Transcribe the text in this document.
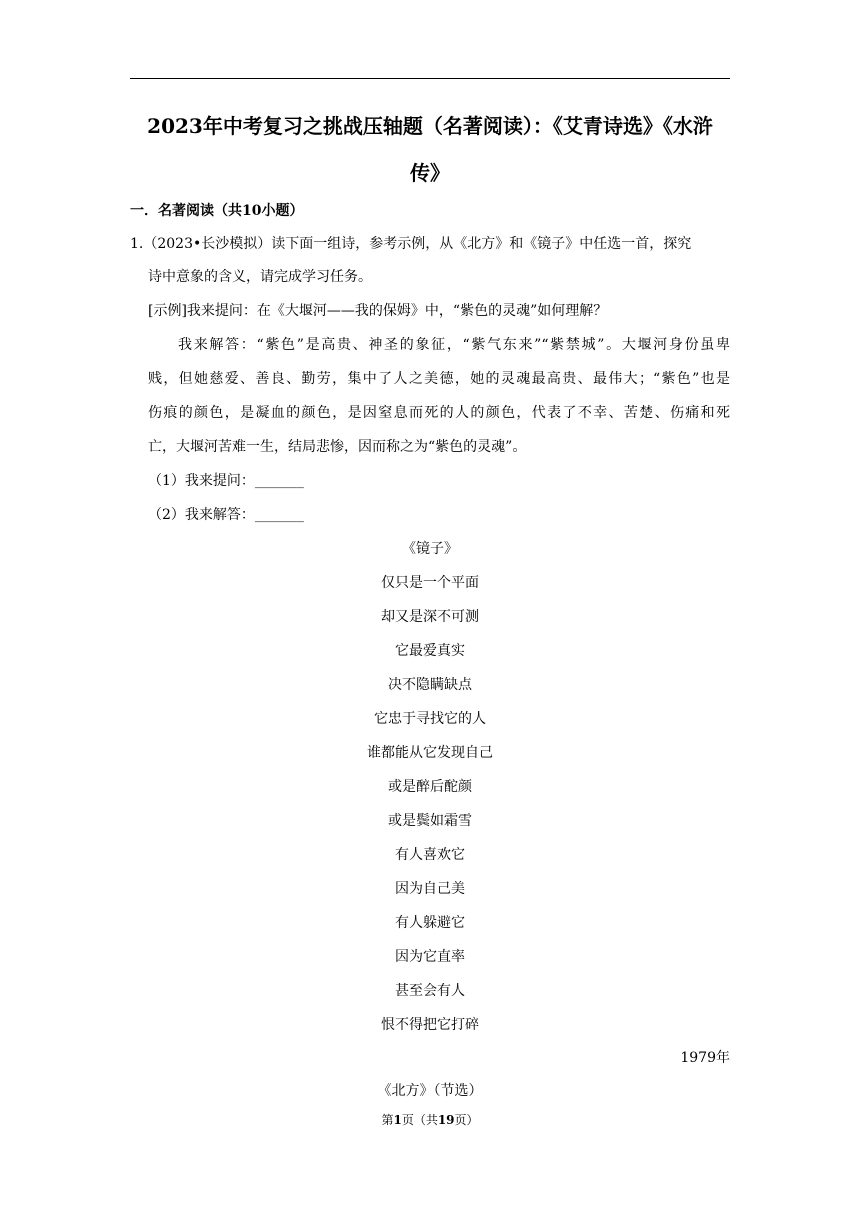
2023年中考复习之挑战压轴题（名著阅读）：《艾青诗选》《水浒
传》
一．名著阅读（共10小题）
1.（2023•长沙模拟）读下面一组诗，参考示例，从《北方》和《镜子》中任选一首，探究
诗中意象的含义，请完成学习任务。
[示例]我来提问：在《大堰河——我的保姆》中，“紫色的灵魂”如何理解？
我来解答：“紫色”是高贵、神圣的象征，“紫气东来”“紫禁城”。大堰河身份虽卑
贱，但她慈爱、善良、勤劳，集中了人之美德，她的灵魂最高贵、最伟大；“紫色”也是
伤痕的颜色，是凝血的颜色，是因窒息而死的人的颜色，代表了不幸、苦楚、伤痛和死
亡，大堰河苦难一生，结局悲惨，因而称之为“紫色的灵魂”。
（1）我来提问：_______
（2）我来解答：_______
《镜子》
仅只是一个平面
却又是深不可测
它最爱真实
决不隐瞒缺点
它忠于寻找它的人
谁都能从它发现自己
或是醉后酡颜
或是鬓如霜雪
有人喜欢它
因为自己美
有人躲避它
因为它直率
甚至会有人
恨不得把它打碎
1979年
《北方》（节选）
第1页（共19页）
